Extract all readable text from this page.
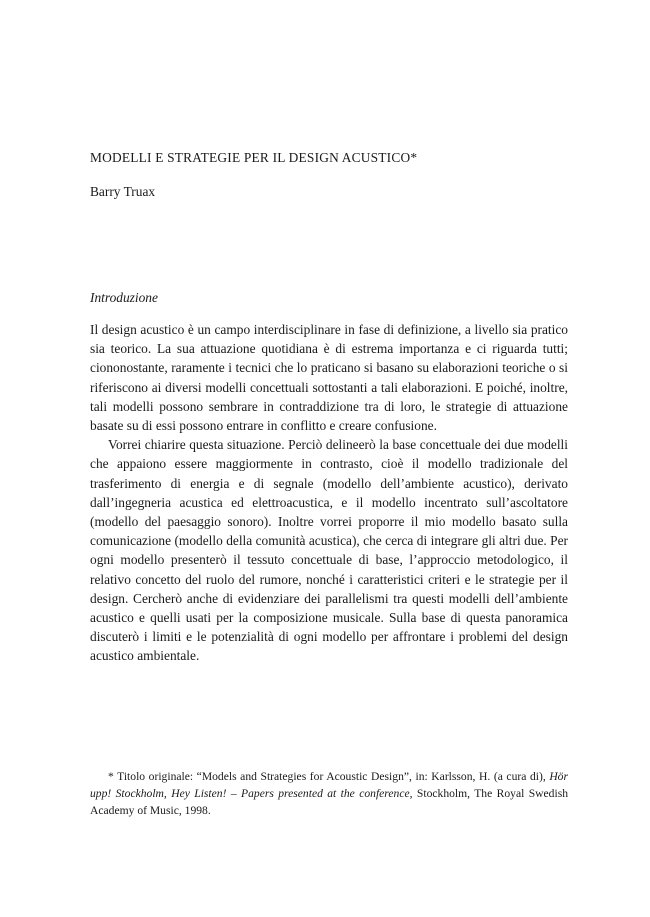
MODELLI E STRATEGIE PER IL DESIGN ACUSTICO*
Barry Truax
Introduzione

Il design acustico è un campo interdisciplinare in fase di definizione, a livello sia pratico sia teorico. La sua attuazione quotidiana è di estrema importanza e ci riguarda tutti; ciononostante, raramente i tecnici che lo praticano si basano su elaborazioni teoriche o si riferiscono ai diversi modelli concettuali sottostanti a tali elaborazioni. E poiché, inoltre, tali modelli possono sembrare in contraddizione tra di loro, le strategie di attuazione basate su di essi possono entrare in conflitto e creare confusione.

Vorrei chiarire questa situazione. Perciò delineerò la base concettuale dei due modelli che appaiono essere maggiormente in contrasto, cioè il modello tradizionale del trasferimento di energia e di segnale (modello dell’ambiente acustico), derivato dall’ingegneria acustica ed elettroacustica, e il modello incentrato sull’ascoltatore (modello del paesaggio sonoro). Inoltre vorrei proporre il mio modello basato sulla comunicazione (modello della comunità acustica), che cerca di integrare gli altri due. Per ogni modello presenterò il tessuto concettuale di base, l’approccio metodologico, il relativo concetto del ruolo del rumore, nonché i caratteristici criteri e le strategie per il design. Cercherò anche di evidenziare dei parallelismi tra questi modelli dell’ambiente acustico e quelli usati per la composizione musicale. Sulla base di questa panoramica discuterò i limiti e le potenzialità di ogni modello per affrontare i problemi del design acustico ambientale.

* Titolo originale: “Models and Strategies for Acoustic Design”, in: Karlsson, H. (a cura di), Hör upp! Stockholm, Hey Listen! – Papers presented at the conference, Stockholm, The Royal Swedish Academy of Music, 1998.
